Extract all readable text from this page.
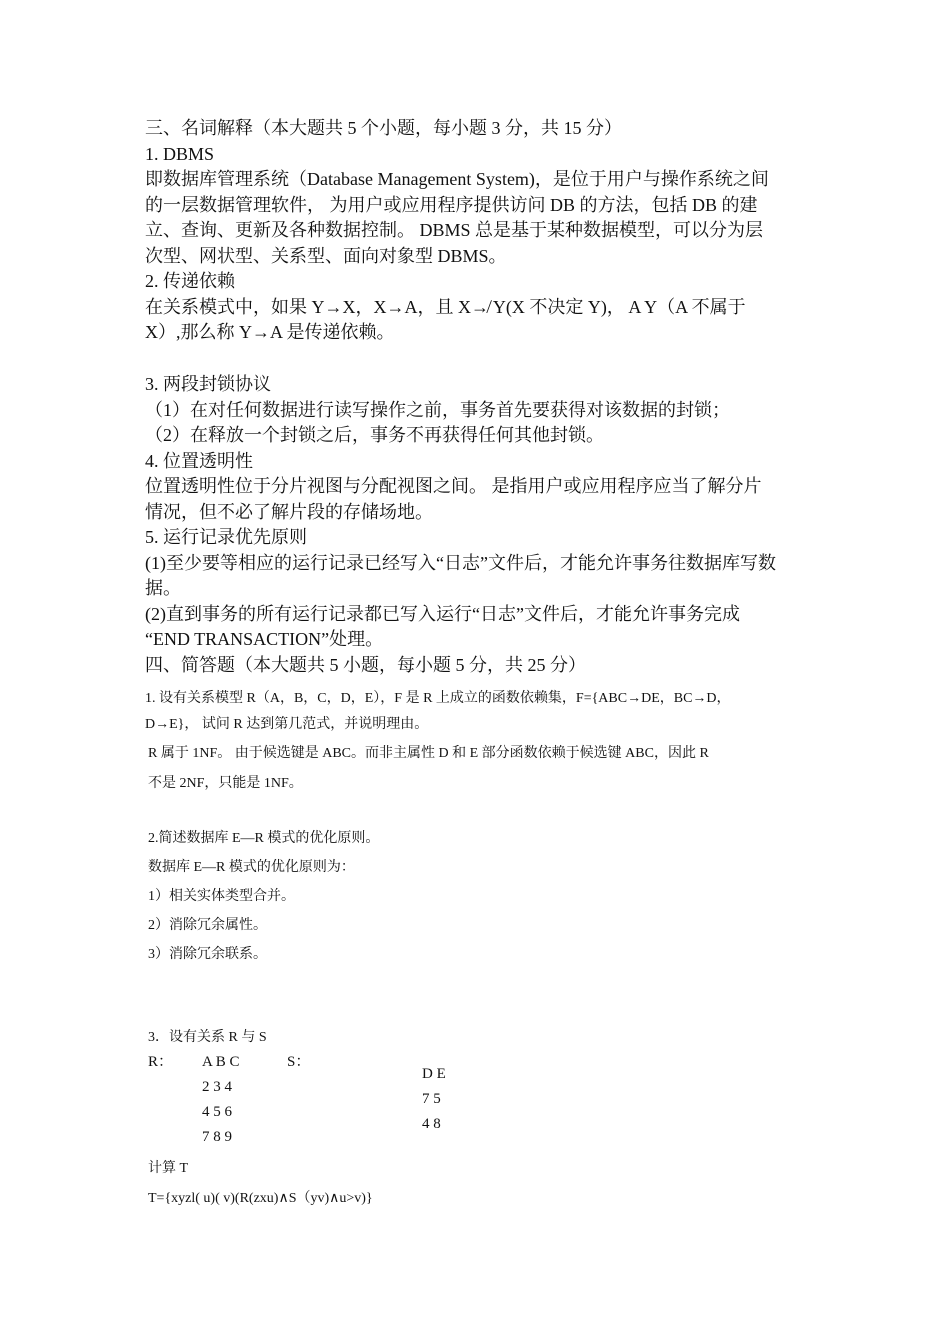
三、名词解释（本大题共 5 个小题，每小题 3 分，共 15 分）
1. DBMS
即数据库管理系统（Database Management System)，是位于用户与操作系统之间
的一层数据管理软件， 为用户或应用程序提供访问 DB 的方法，包括 DB 的建
立、查询、更新及各种数据控制。 DBMS 总是基于某种数据模型，可以分为层
次型、网状型、关系型、面向对象型 DBMS。
2. 传递依赖
在关系模式中，如果 Y→X，X→A，且 X↛ Y(X 不决定 Y)， A Y（A 不属于
X）,那么称 Y→A 是传递依赖。
3. 两段封锁协议
（1）在对任何数据进行读写操作之前，事务首先要获得对该数据的封锁；
（2）在释放一个封锁之后，事务不再获得任何其他封锁。
4. 位置透明性
位置透明性位于分片视图与分配视图之间。 是指用户或应用程序应当了解分片
情况，但不必了解片段的存储场地。
5. 运行记录优先原则
(1)至少要等相应的运行记录已经写入“日志”文件后，才能允许事务往数据库写数
据。
(2)直到事务的所有运行记录都已写入运行“日志”文件后，才能允许事务完成
“END TRANSACTION”处理。
四、简答题（本大题共 5 小题，每小题 5 分，共 25 分）
1. 设有关系模型 R（A，B，C，D，E），F 是 R 上成立的函数依赖集，F={ABC→DE，BC→D，
D→E}， 试问 R 达到第几范式，并说明理由。
R 属于 1NF。 由于候选键是 ABC。而非主属性 D 和 E 部分函数依赖于候选键 ABC，因此 R
不是 2NF，只能是 1NF。
2.简述数据库 E—R 模式的优化原则。
数据库 E—R 模式的优化原则为：
1）相关实体类型合并。
2）消除冗余属性。
3）消除冗余联系。
3．设有关系 R 与 S
R： A B C
2 3 4
4 5 6
7 8 9
S：
D E
7 5
4 8
计算 T
T={xyzl( u)( v)(R(zxu)∧S（yv)∧u>v)}
